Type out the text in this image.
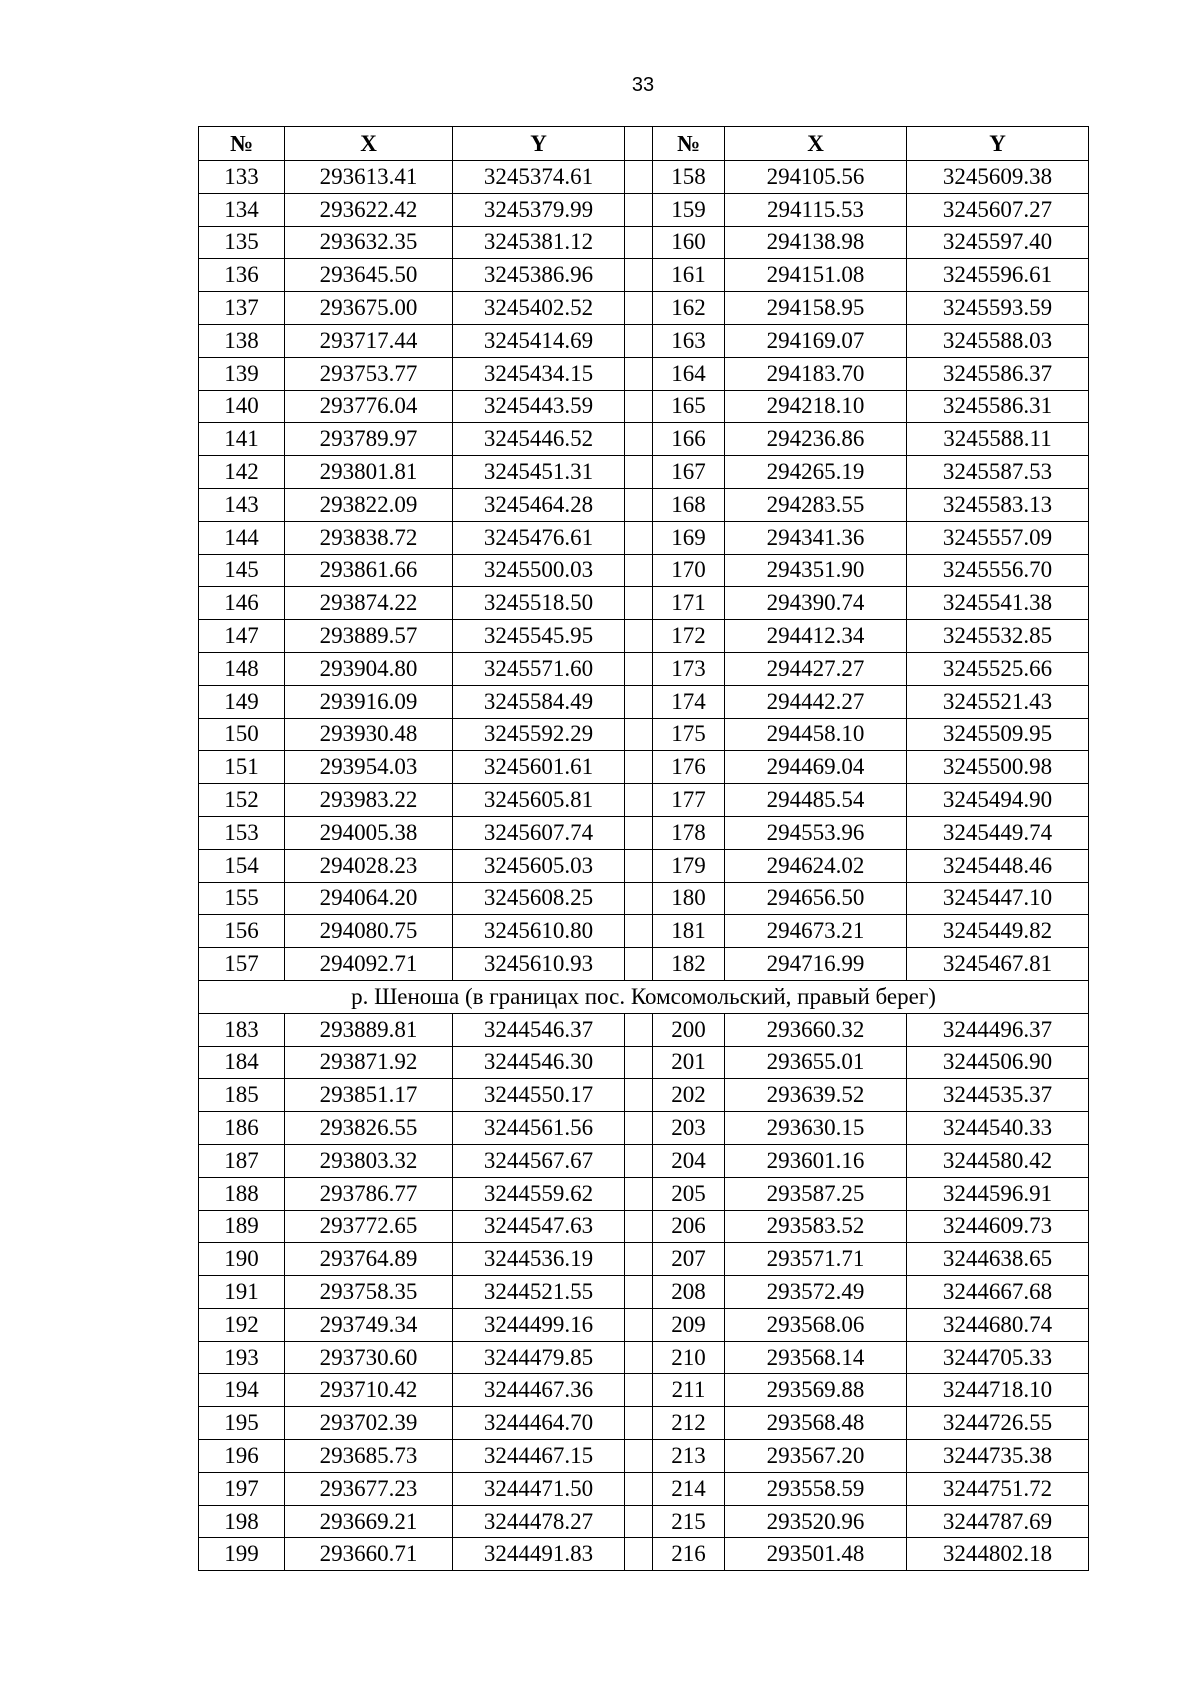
33
№	X	Y		№	X	Y
133	293613.41	3245374.61		158	294105.56	3245609.38
134	293622.42	3245379.99		159	294115.53	3245607.27
135	293632.35	3245381.12		160	294138.98	3245597.40
136	293645.50	3245386.96		161	294151.08	3245596.61
137	293675.00	3245402.52		162	294158.95	3245593.59
138	293717.44	3245414.69		163	294169.07	3245588.03
139	293753.77	3245434.15		164	294183.70	3245586.37
140	293776.04	3245443.59		165	294218.10	3245586.31
141	293789.97	3245446.52		166	294236.86	3245588.11
142	293801.81	3245451.31		167	294265.19	3245587.53
143	293822.09	3245464.28		168	294283.55	3245583.13
144	293838.72	3245476.61		169	294341.36	3245557.09
145	293861.66	3245500.03		170	294351.90	3245556.70
146	293874.22	3245518.50		171	294390.74	3245541.38
147	293889.57	3245545.95		172	294412.34	3245532.85
148	293904.80	3245571.60		173	294427.27	3245525.66
149	293916.09	3245584.49		174	294442.27	3245521.43
150	293930.48	3245592.29		175	294458.10	3245509.95
151	293954.03	3245601.61		176	294469.04	3245500.98
152	293983.22	3245605.81		177	294485.54	3245494.90
153	294005.38	3245607.74		178	294553.96	3245449.74
154	294028.23	3245605.03		179	294624.02	3245448.46
155	294064.20	3245608.25		180	294656.50	3245447.10
156	294080.75	3245610.80		181	294673.21	3245449.82
157	294092.71	3245610.93		182	294716.99	3245467.81
р. Шеноша (в границах пос. Комсомольский, правый берег)						
183	293889.81	3244546.37		200	293660.32	3244496.37
184	293871.92	3244546.30		201	293655.01	3244506.90
185	293851.17	3244550.17		202	293639.52	3244535.37
186	293826.55	3244561.56		203	293630.15	3244540.33
187	293803.32	3244567.67		204	293601.16	3244580.42
188	293786.77	3244559.62		205	293587.25	3244596.91
189	293772.65	3244547.63		206	293583.52	3244609.73
190	293764.89	3244536.19		207	293571.71	3244638.65
191	293758.35	3244521.55		208	293572.49	3244667.68
192	293749.34	3244499.16		209	293568.06	3244680.74
193	293730.60	3244479.85		210	293568.14	3244705.33
194	293710.42	3244467.36		211	293569.88	3244718.10
195	293702.39	3244464.70		212	293568.48	3244726.55
196	293685.73	3244467.15		213	293567.20	3244735.38
197	293677.23	3244471.50		214	293558.59	3244751.72
198	293669.21	3244478.27		215	293520.96	3244787.69
199	293660.71	3244491.83		216	293501.48	3244802.18
